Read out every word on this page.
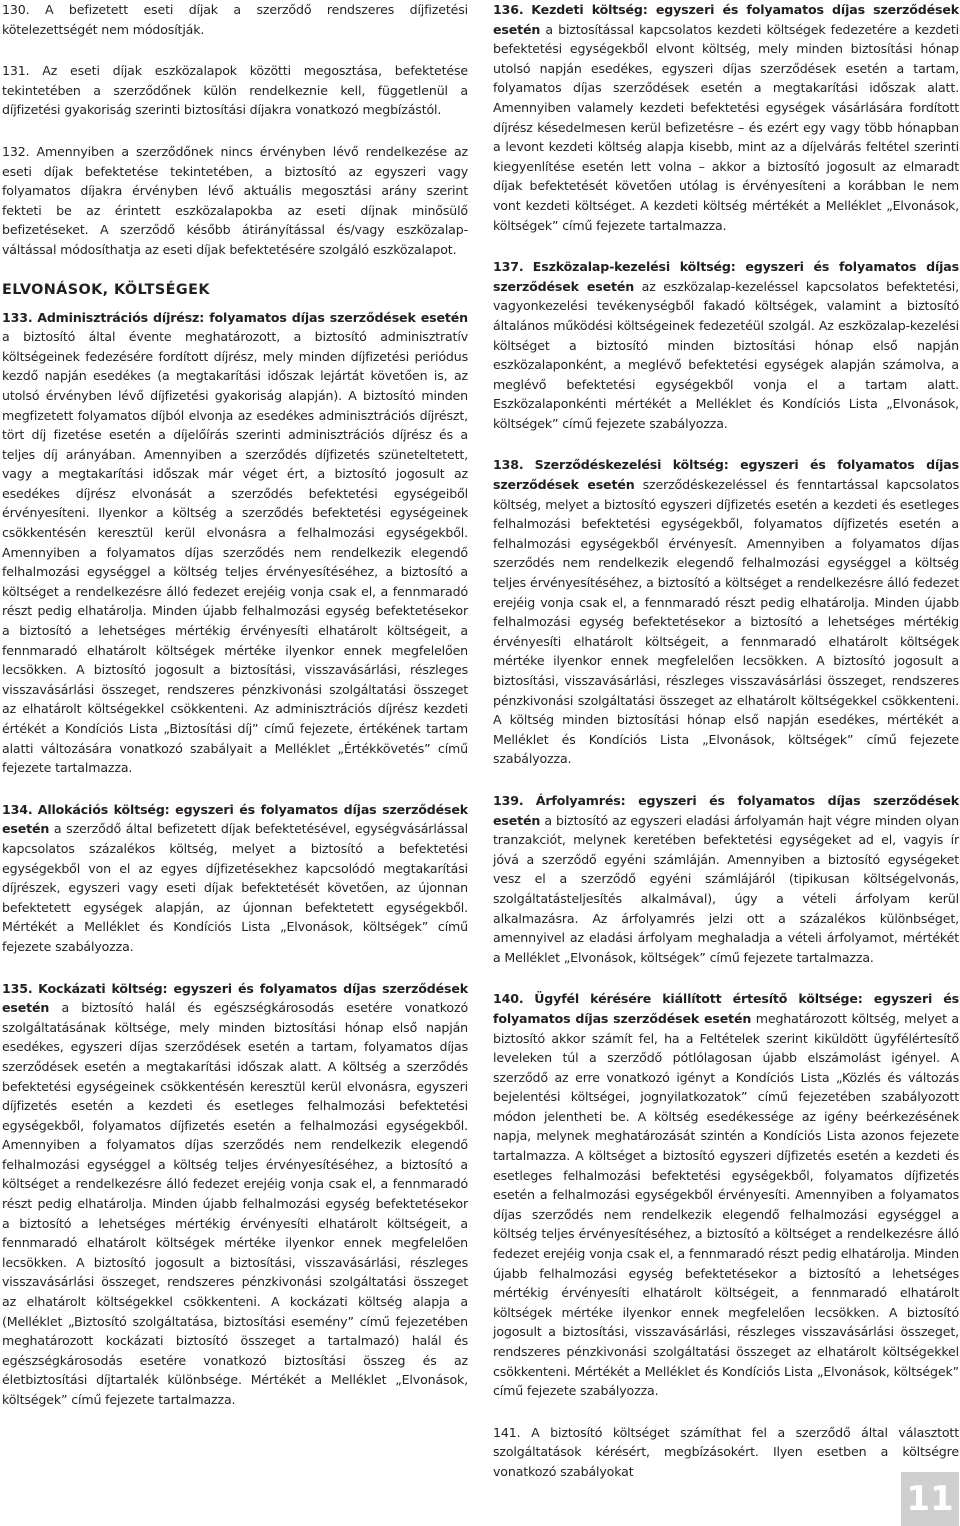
130. A befizetett eseti díjak a szerződő rendszeres díjfizetési kötelezettségét nem módosítják.

131. Az eseti díjak eszközalapok közötti megosztása, befektetése tekintetében a szerződőnek külön rendelkeznie kell, függetlenül a díjfizetési gyakoriság szerinti biztosítási díjakra vonatkozó megbízástól.

132. Amennyiben a szerződőnek nincs érvényben lévő rendelkezése az eseti díjak befektetése tekintetében, a biztosító az egyszeri vagy folyamatos díjakra érvényben lévő aktuális megosztási arány szerint fekteti be az érintett eszközalapokba az eseti díjnak minősülő befizetéseket. A szerződő később átirányítással és/vagy eszközalap-váltással módosíthatja az eseti díjak befektetésére szolgáló eszközalapot.

ELVONÁSOK, KÖLTSÉGEK

133. Adminisztrációs díjrész: folyamatos díjas szerződések esetén a biztosító által évente meghatározott, a biztosító adminisztratív költségeinek fedezésére fordított díjrész, mely minden díjfizetési periódus kezdő napján esedékes (a megtakarítási időszak lejártát követően is, az utolsó érvényben lévő díjfizetési gyakoriság alapján). A biztosító minden megfizetett folyamatos díjból elvonja az esedékes adminisztrációs díjrészt, tört díj fizetése esetén a díjelőírás szerinti adminisztrációs díjrész és a teljes díj arányában. Amennyiben a szerződés díjfizetés szüneteltetett, vagy a megtakarítási időszak már véget ért, a biztosító jogosult az esedékes díjrész elvonását a szerződés befektetési egységeiből érvényesíteni. Ilyenkor a költség a szerződés befektetési egységeinek csökkentésén keresztül kerül elvonásra a felhalmozási egységekből. Amennyiben a folyamatos díjas szerződés nem rendelkezik elegendő felhalmozási egységgel a költség teljes érvényesítéséhez, a biztosító a költséget a rendelkezésre álló fedezet erejéig vonja csak el, a fennmaradó részt pedig elhatárolja. Minden újabb felhalmozási egység befektetésekor a biztosító a lehetséges mértékig érvényesíti elhatárolt költségeit, a fennmaradó elhatárolt költségek mértéke ilyenkor ennek megfelelően lecsökken. A biztosító jogosult a biztosítási, visszavásárlási, részleges visszavásárlási összeget, rendszeres pénzkivonási szolgáltatási összeget az elhatárolt költségekkel csökkenteni. Az adminisztrációs díjrész kezdeti értékét a Kondíciós Lista „Biztosítási díj” című fejezete, értékének tartam alatti változására vonatkozó szabályait a Melléklet „Értékkövetés” című fejezete tartalmazza.

134. Allokációs költség: egyszeri és folyamatos díjas szerződések esetén a szerződő által befizetett díjak befektetésével, egységvásárlással kapcsolatos százalékos költség, melyet a biztosító a befektetési egységekből von el az egyes díjfizetésekhez kapcsolódó megtakarítási díjrészek, egyszeri vagy eseti díjak befektetését követően, az újonnan befektetett egységek alapján, az újonnan befektetett egységekből. Mértékét a Melléklet és Kondíciós Lista „Elvonások, költségek” című fejezete szabályozza.

135. Kockázati költség: egyszeri és folyamatos díjas szerződések esetén a biztosító halál és egészségkárosodás esetére vonatkozó szolgáltatásának költsége, mely minden biztosítási hónap első napján esedékes, egyszeri díjas szerződések esetén a tartam, folyamatos díjas szerződések esetén a megtakarítási időszak alatt. A költség a szerződés befektetési egységeinek csökkentésén keresztül kerül elvonásra, egyszeri díjfizetés esetén a kezdeti és esetleges felhalmozási befektetési egységekből, folyamatos díjfizetés esetén a felhalmozási egységekből. Amennyiben a folyamatos díjas szerződés nem rendelkezik elegendő felhalmozási egységgel a költség teljes érvényesítéséhez, a biztosító a költséget a rendelkezésre álló fedezet erejéig vonja csak el, a fennmaradó részt pedig elhatárolja. Minden újabb felhalmozási egység befektetésekor a biztosító a lehetséges mértékig érvényesíti elhatárolt költségeit, a fennmaradó elhatárolt költségek mértéke ilyenkor ennek megfelelően lecsökken. A biztosító jogosult a biztosítási, visszavásárlási, részleges visszavásárlási összeget, rendszeres pénzkivonási szolgáltatási összeget az elhatárolt költségekkel csökkenteni. A kockázati költség alapja a (Melléklet „Biztosító szolgáltatása, biztosítási esemény” című fejezetében meghatározott kockázati biztosító összeget a tartalmazó) halál és egészségkárosodás esetére vonatkozó biztosítási összeg és az életbiztosítási díjtartalék különbsége. Mértékét a Melléklet „Elvonások, költségek” című fejezete tartalmazza.

136. Kezdeti költség: egyszeri és folyamatos díjas szerződések esetén a biztosítással kapcsolatos kezdeti költségek fedezetére a kezdeti befektetési egységekből elvont költség, mely minden biztosítási hónap utolsó napján esedékes, egyszeri díjas szerződések esetén a tartam, folyamatos díjas szerződések esetén a megtakarítási időszak alatt. Amennyiben valamely kezdeti befektetési egységek vásárlására fordított díjrész késedelmesen kerül befizetésre – és ezért egy vagy több hónapban a levont kezdeti költség alapja kisebb, mint az a díjelvárás feltétel szerinti kiegyenlítése esetén lett volna – akkor a biztosító jogosult az elmaradt díjak befektetését követően utólag is érvényesíteni a korábban le nem vont kezdeti költséget. A kezdeti költség mértékét a Melléklet „Elvonások, költségek” című fejezete tartalmazza.

137. Eszközalap-kezelési költség: egyszeri és folyamatos díjas szerződések esetén az eszközalap-kezeléssel kapcsolatos befektetési, vagyonkezelési tevékenységből fakadó költségek, valamint a biztosító általános működési költségeinek fedezetéül szolgál. Az eszközalap-kezelési költséget a biztosító minden biztosítási hónap első napján eszközalaponként, a meglévő befektetési egységek alapján számolva, a meglévő befektetési egységekből vonja el a tartam alatt. Eszközalaponkénti mértékét a Melléklet és Kondíciós Lista „Elvonások, költségek” című fejezete szabályozza.

138. Szerződéskezelési költség: egyszeri és folyamatos díjas szerződések esetén szerződéskezeléssel és fenntartással kapcsolatos költség, melyet a biztosító egyszeri díjfizetés esetén a kezdeti és esetleges felhalmozási befektetési egységekből, folyamatos díjfizetés esetén a felhalmozási egységekből érvényesít. Amennyiben a folyamatos díjas szerződés nem rendelkezik elegendő felhalmozási egységgel a költség teljes érvényesítéséhez, a biztosító a költséget a rendelkezésre álló fedezet erejéig vonja csak el, a fennmaradó részt pedig elhatárolja. Minden újabb felhalmozási egység befektetésekor a biztosító a lehetséges mértékig érvényesíti elhatárolt költségeit, a fennmaradó elhatárolt költségek mértéke ilyenkor ennek megfelelően lecsökken. A biztosító jogosult a biztosítási, visszavásárlási, részleges visszavásárlási összeget, rendszeres pénzkivonási szolgáltatási összeget az elhatárolt költségekkel csökkenteni. A költség minden biztosítási hónap első napján esedékes, mértékét a Melléklet és Kondíciós Lista „Elvonások, költségek” című fejezete szabályozza.

139. Árfolyamrés: egyszeri és folyamatos díjas szerződések esetén a biztosító az egyszeri eladási árfolyamán hajt végre minden olyan tranzakciót, melynek keretében befektetési egységeket ad el, vagyis ír jóvá a szerződő egyéni számláján. Amennyiben a biztosító egységeket vesz el a szerződő egyéni számlájáról (tipikusan költségelvonás, szolgáltatásteljesítés alkalmával), úgy a vételi árfolyam kerül alkalmazásra. Az árfolyamrés jelzi ott a százalékos különbséget, amennyivel az eladási árfolyam meghaladja a vételi árfolyamot, mértékét a Melléklet „Elvonások, költségek” című fejezete tartalmazza.

140. Ügyfél kérésére kiállított értesítő költsége: egyszeri és folyamatos díjas szerződések esetén meghatározott költség, melyet a biztosító akkor számít fel, ha a Feltételek szerint kiküldött ügyfélértesítő leveleken túl a szerződő pótlólagosan újabb elszámolást igényel. A szerződő az erre vonatkozó igényt a Kondíciós Lista „Közlés és változás bejelentési költségei, jognyilatkozatok” című fejezetében szabályozott módon jelentheti be. A költség esedékessége az igény beérkezésének napja, melynek meghatározását szintén a Kondíciós Lista azonos fejezete tartalmazza. A költséget a biztosító egyszeri díjfizetés esetén a kezdeti és esetleges felhalmozási befektetési egységekből, folyamatos díjfizetés esetén a felhalmozási egységekből érvényesíti. Amennyiben a folyamatos díjas szerződés nem rendelkezik elegendő felhalmozási egységgel a költség teljes érvényesítéséhez, a biztosító a költséget a rendelkezésre álló fedezet erejéig vonja csak el, a fennmaradó részt pedig elhatárolja. Minden újabb felhalmozási egység befektetésekor a biztosító a lehetséges mértékig érvényesíti elhatárolt költségeit, a fennmaradó elhatárolt költségek mértéke ilyenkor ennek megfelelően lecsökken. A biztosító jogosult a biztosítási, visszavásárlási, részleges visszavásárlási összeget, rendszeres pénzkivonási szolgáltatási összeget az elhatárolt költségekkel csökkenteni. Mértékét a Melléklet és Kondíciós Lista „Elvonások, költségek” című fejezete szabályozza.

141. A biztosító költséget számíthat fel a szerződő által választott szolgáltatások kérésért, megbízásokért. Ilyen esetben a költségre vonatkozó szabályokat

11
